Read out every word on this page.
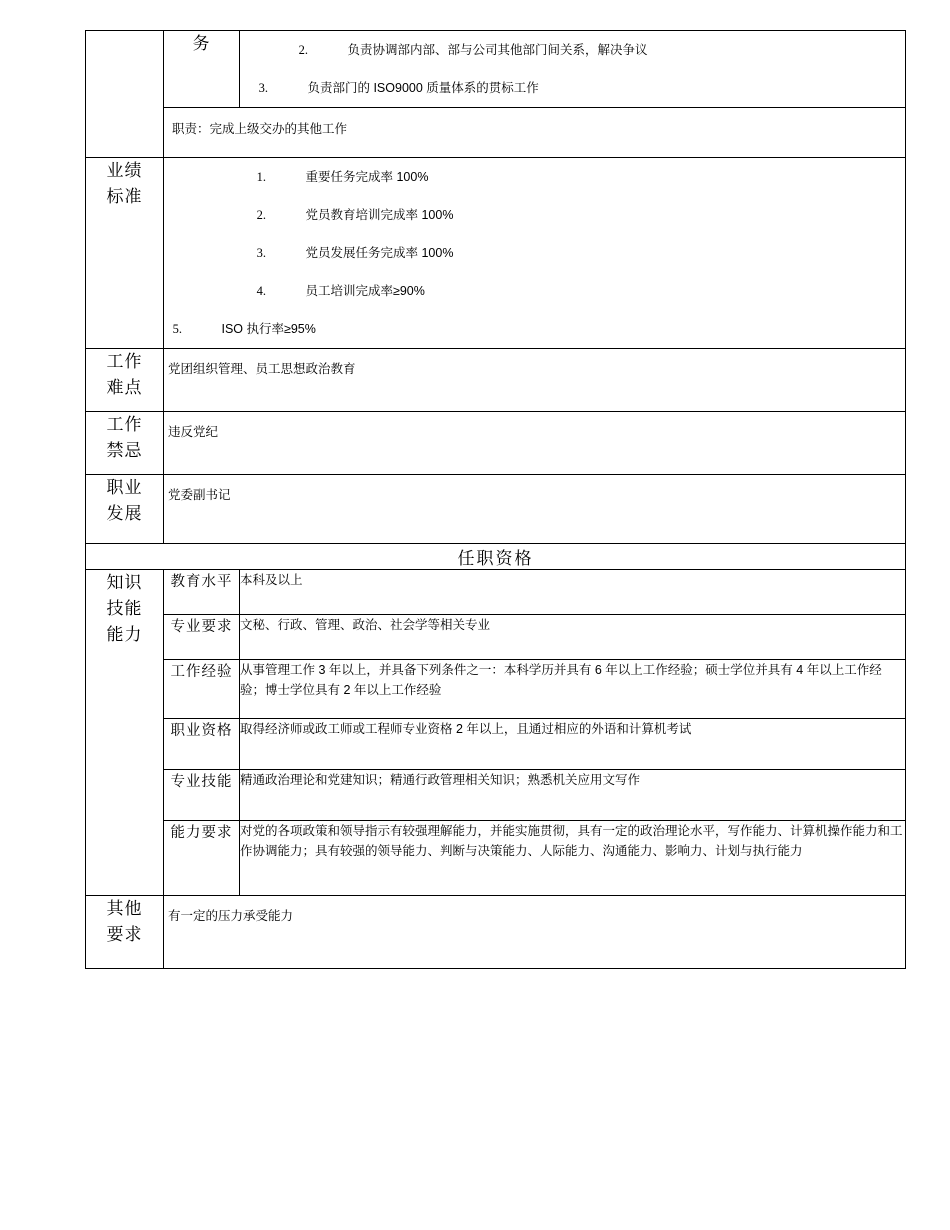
	务	2. 负责协调部内部、部与公司其他部门间关系，解决争议
3. 负责部门的 ISO9000 质量体系的贯标工作

	职责：完成上级交办的其他工作	
业绩
标准	1. 重要任务完成率 100%
2. 党员教育培训完成率 100%
3. 党员发展任务完成率 100%
4. 员工培训完成率≥90%
5. ISO 执行率≥95%	

工作
难点	党团组织管理、员工思想政治教育	
工作
禁忌	违反党纪	
职业
发展	党委副书记	
任职资格		
知识
技能
能力	教育水平	本科及以上
	专业要求	文秘、行政、管理、政治、社会学等相关专业
	工作经验	从事管理工作 3 年以上，并具备下列条件之一：本科学历并具有 6 年以上工作经验；硕士学位并具有 4 年以上工作经验；博士学位具有 2 年以上工作经验
	职业资格	取得经济师或政工师或工程师专业资格 2 年以上，且通过相应的外语和计算机考试
	专业技能	精通政治理论和党建知识；精通行政管理相关知识；熟悉机关应用文写作
	能力要求	对党的各项政策和领导指示有较强理解能力，并能实施贯彻，具有一定的政治理论水平，写作能力、计算机操作能力和工作协调能力；具有较强的领导能力、判断与决策能力、人际能力、沟通能力、影响力、计划与执行能力
其他
要求	有一定的压力承受能力	
